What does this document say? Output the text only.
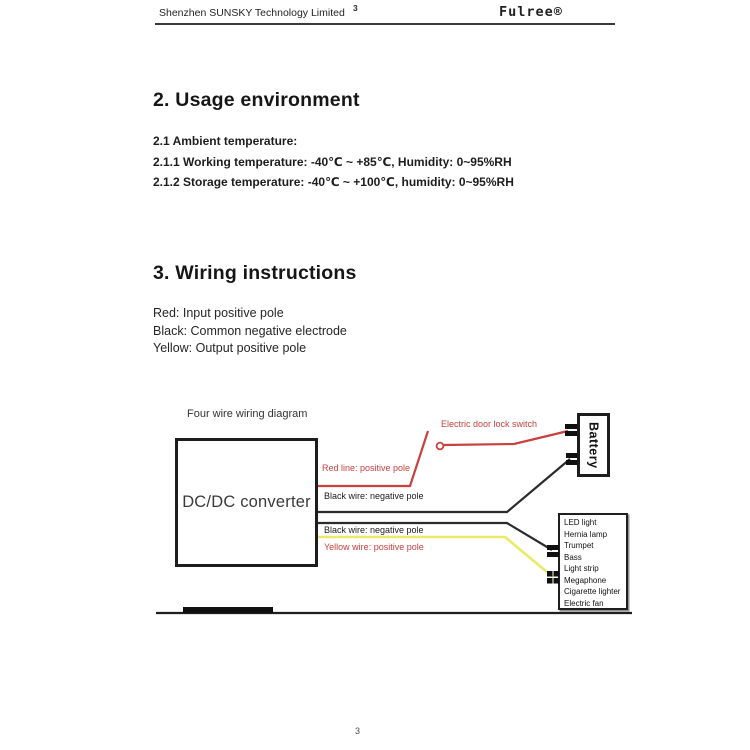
Shenzhen SUNSKY Technology Limited 3	Fulree®
2. Usage environment
2.1 Ambient temperature:
2.1.1 Working temperature: -40℃ ~ +85℃, Humidity: 0~95%RH
2.1.2 Storage temperature: -40℃ ~ +100℃, humidity: 0~95%RH
3. Wiring instructions
Red: Input positive pole
Black: Common negative electrode
Yellow: Output positive pole
Four wire wiring diagram
DC/DC converter
Battery
LED light
Hernia lamp
Trumpet
Bass
Light strip
Megaphone
Cigarette lighter
Electric fan
Red line: positive pole
Black wire: negative pole
Black wire: negative pole
Yellow wire: positive pole
Electric door lock switch
3
